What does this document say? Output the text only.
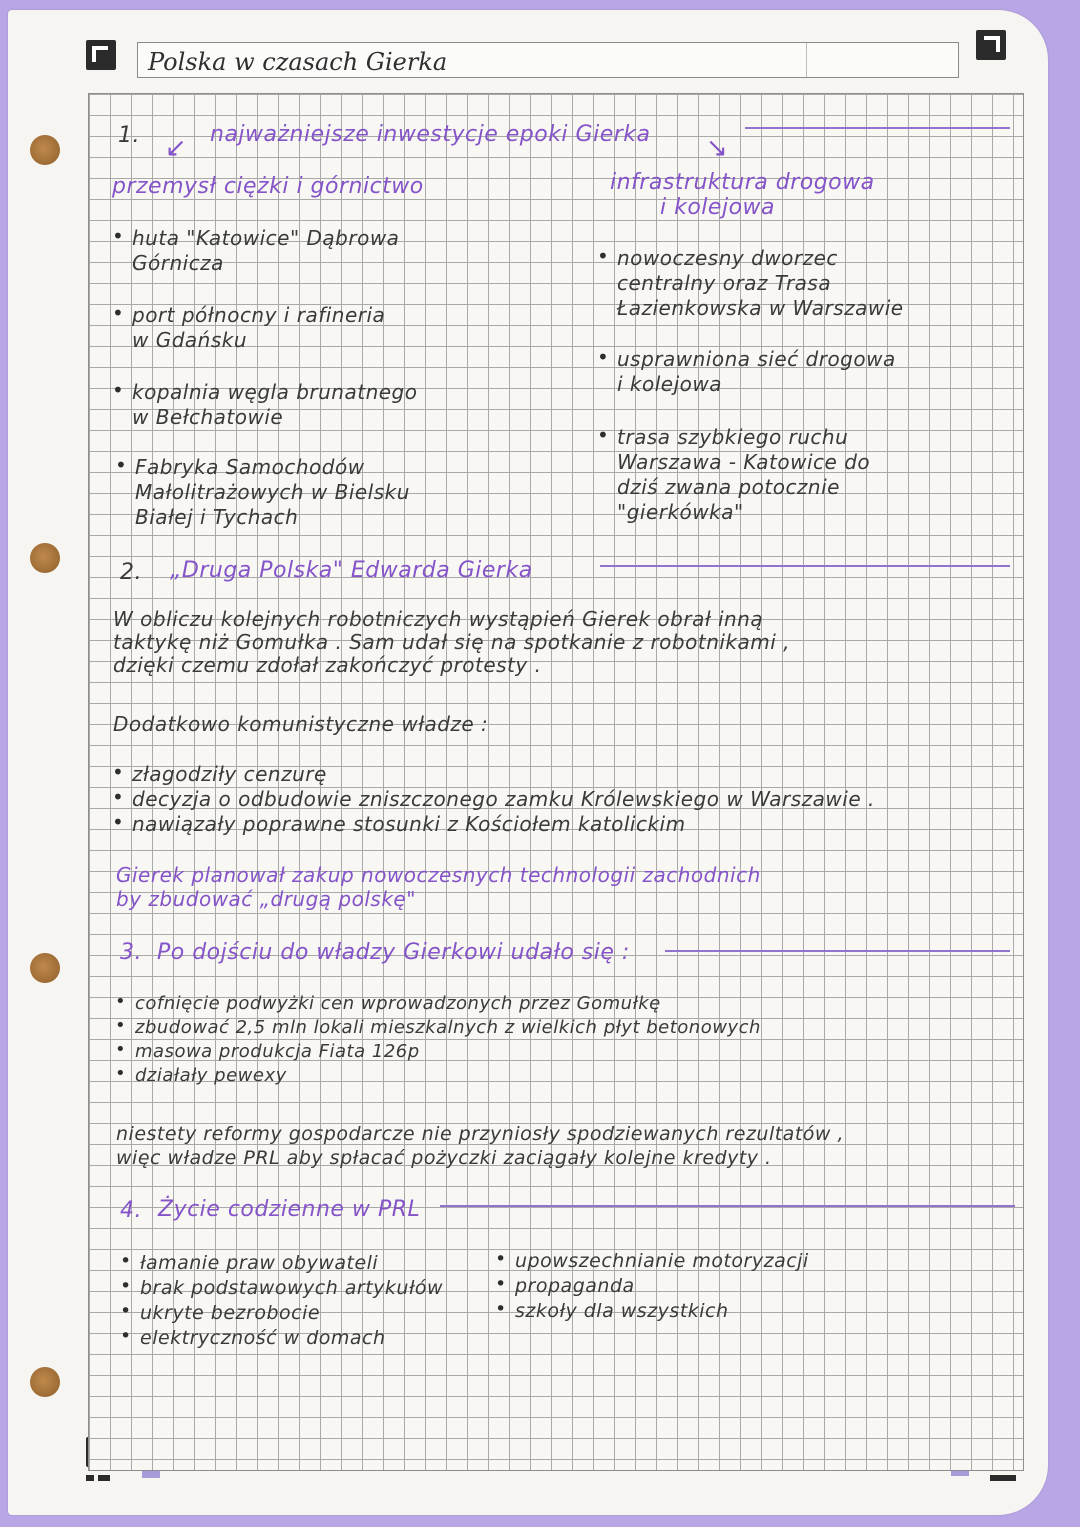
Polska w czasach Gierka
1. ↙ najważniejsze inwestycje epoki Gierka ↘
przemysł ciężki i górnictwo
• huta "Katowice" Dąbrowa
Górnicza
• port północny i rafineria
w Gdańsku
• kopalnia węgla brunatnego
w Bełchatowie
• Fabryka Samochodów
Małolitrażowych w Bielsku
Białej i Tychach
infrastruktura drogowa
i kolejowa
• nowoczesny dworzec
centralny oraz Trasa
Łazienkowska w Warszawie
• usprawniona sieć drogowa
i kolejowa
• trasa szybkiego ruchu
Warszawa - Katowice do
dziś zwana potocznie
"gierkówka"
2. „Druga Polska" Edwarda Gierka
W obliczu kolejnych robotniczych wystąpień Gierek obrał inną
taktykę niż Gomułka . Sam udał się na spotkanie z robotnikami ,
dzięki czemu zdołał zakończyć protesty .
Dodatkowo komunistyczne władze :
• złagodziły cenzurę
• decyzja o odbudowie zniszczonego zamku Królewskiego w Warszawie .
• nawiązały poprawne stosunki z Kościołem katolickim
Gierek planował zakup nowoczesnych technologii zachodnich
by zbudować „drugą polskę"
3. Po dojściu do władzy Gierkowi udało się :
• cofnięcie podwyżki cen wprowadzonych przez Gomułkę
• zbudować 2,5 mln lokali mieszkalnych z wielkich płyt betonowych
• masowa produkcja Fiata 126p
• działały pewexy
niestety reformy gospodarcze nie przyniosły spodziewanych rezultatów ,
więc władze PRL aby spłacać pożyczki zaciągały kolejne kredyty .
4. Życie codzienne w PRL
• łamanie praw obywateli
• brak podstawowych artykułów
• ukryte bezrobocie
• elektryczność w domach
• upowszechnianie motoryzacji
• propaganda
• szkoły dla wszystkich
